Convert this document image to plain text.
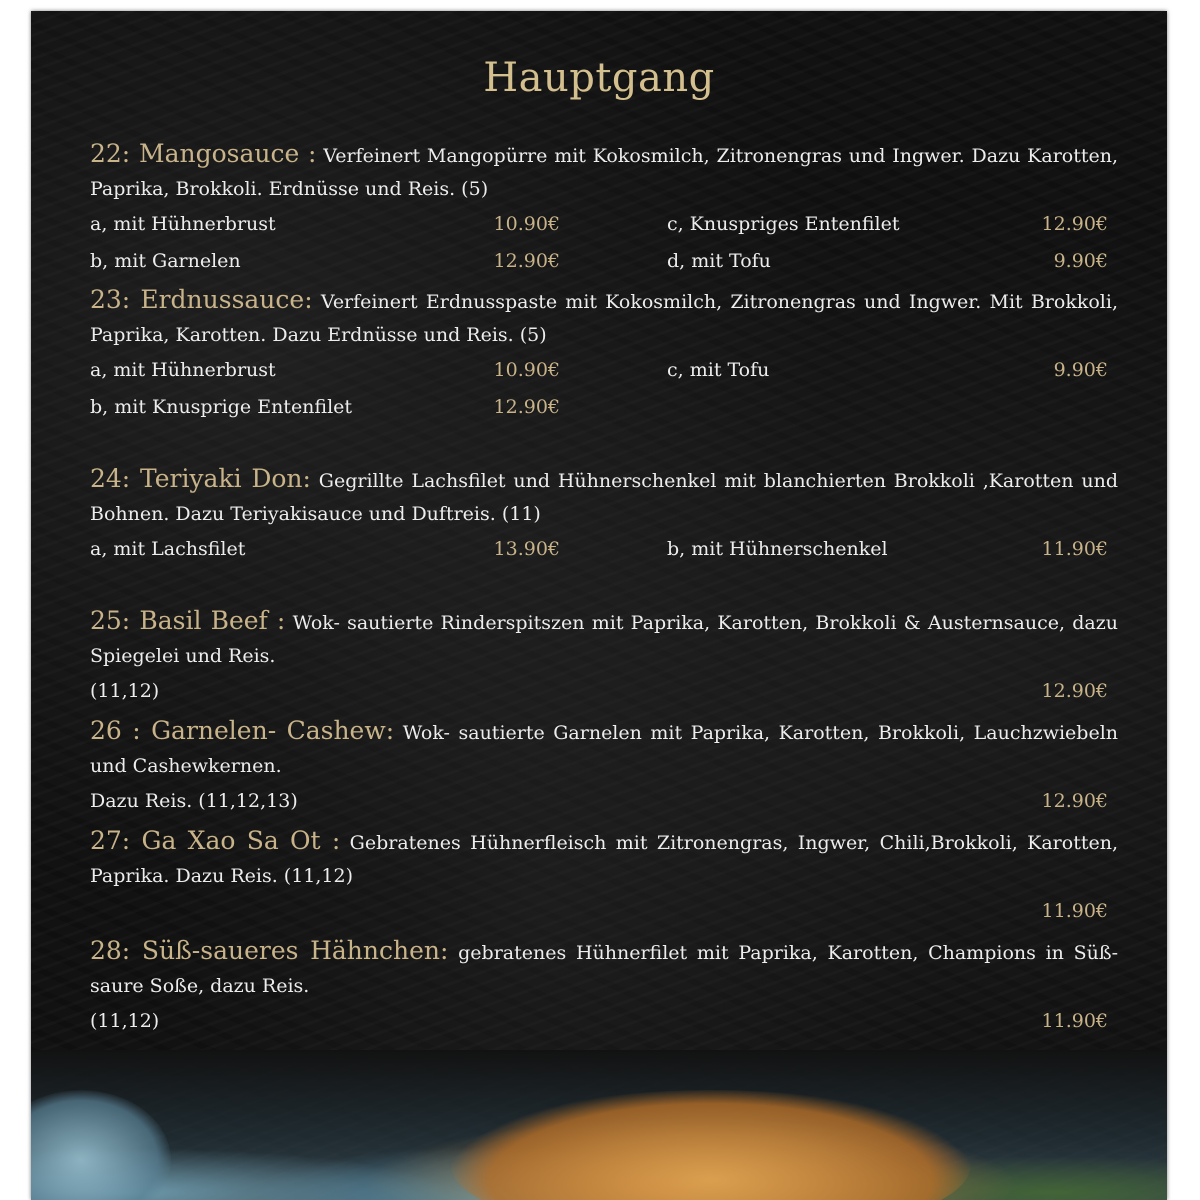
Hauptgang
22: Mangosauce : Verfeinert Mangopürre mit Kokosmilch, Zitronengras und Ingwer. Dazu Karotten, Paprika, Brokkoli. Erdnüsse und Reis. (5)
a, mit Hühnerbrust	10.90€	c, Knuspriges Entenfilet	12.90€
b, mit Garnelen	12.90€	d, mit Tofu	9.90€
23: Erdnussauce: Verfeinert Erdnusspaste mit Kokosmilch, Zitronengras und Ingwer. Mit Brokkoli, Paprika, Karotten. Dazu Erdnüsse und Reis. (5)
a, mit Hühnerbrust	10.90€	c, mit Tofu	9.90€
b, mit Knusprige Entenfilet	12.90€
24: Teriyaki Don: Gegrillte Lachsfilet und Hühnerschenkel mit blanchierten Brokkoli ,Karotten und Bohnen. Dazu Teriyakisauce und Duftreis. (11)
a, mit Lachsfilet	13.90€	b, mit Hühnerschenkel	11.90€
25: Basil Beef : Wok- sautierte Rinderspitszen mit Paprika, Karotten, Brokkoli & Austernsauce, dazu Spiegelei und Reis.
(11,12)	12.90€
26 : Garnelen- Cashew: Wok- sautierte Garnelen mit Paprika, Karotten, Brokkoli, Lauchzwiebeln und Cashewkernen.
Dazu Reis. (11,12,13)	12.90€
27: Ga Xao Sa Ot : Gebratenes Hühnerfleisch mit Zitronengras, Ingwer, Chili,Brokkoli, Karotten, Paprika. Dazu Reis. (11,12)
11.90€
28: Süß-saueres Hähnchen: gebratenes Hühnerfilet mit Paprika, Karotten, Champions in Süß-saure Soße, dazu Reis.
(11,12)	11.90€
